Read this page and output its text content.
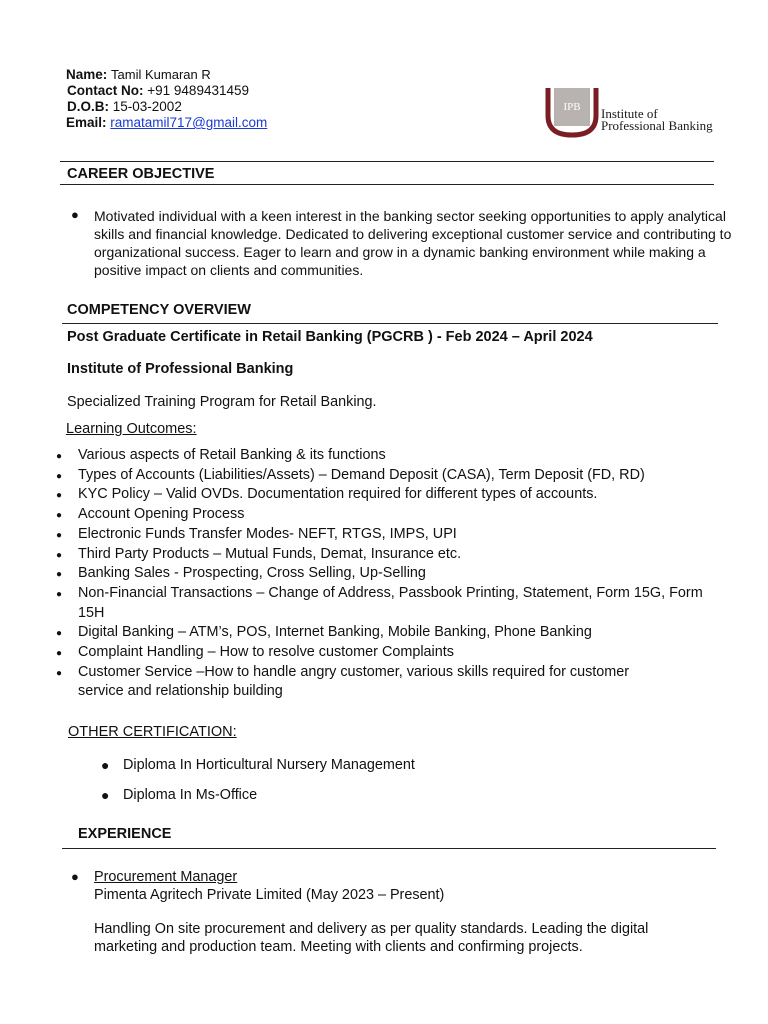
Name: Tamil Kumaran R
Contact No: +91 9489431459
D.O.B: 15-03-2002
Email: ramatamil717@gmail.com
IPB Institute of
Professional Banking
CAREER OBJECTIVE
● Motivated individual with a keen interest in the banking sector seeking opportunities to apply analytical
skills and financial knowledge. Dedicated to delivering exceptional customer service and contributing to
organizational success. Eager to learn and grow in a dynamic banking environment while making a
positive impact on clients and communities.
COMPETENCY OVERVIEW
Post Graduate Certificate in Retail Banking (PGCRB ) - Feb 2024 – April 2024
Institute of Professional Banking
Specialized Training Program for Retail Banking.
Learning Outcomes:
● Various aspects of Retail Banking & its functions
● Types of Accounts (Liabilities/Assets) – Demand Deposit (CASA), Term Deposit (FD, RD)
● KYC Policy – Valid OVDs. Documentation required for different types of accounts.
● Account Opening Process
● Electronic Funds Transfer Modes- NEFT, RTGS, IMPS, UPI
● Third Party Products – Mutual Funds, Demat, Insurance etc.
● Banking Sales - Prospecting, Cross Selling, Up-Selling
● Non-Financial Transactions – Change of Address, Passbook Printing, Statement, Form 15G, Form 15H
● Digital Banking – ATM’s, POS, Internet Banking, Mobile Banking, Phone Banking
● Complaint Handling – How to resolve customer Complaints
● Customer Service –How to handle angry customer, various skills required for customer service and relationship building
OTHER CERTIFICATION:
● Diploma In Horticultural Nursery Management
● Diploma In Ms-Office
EXPERIENCE
● Procurement Manager
Pimenta Agritech Private Limited (May 2023 – Present)
Handling On site procurement and delivery as per quality standards. Leading the digital
marketing and production team. Meeting with clients and confirming projects.
